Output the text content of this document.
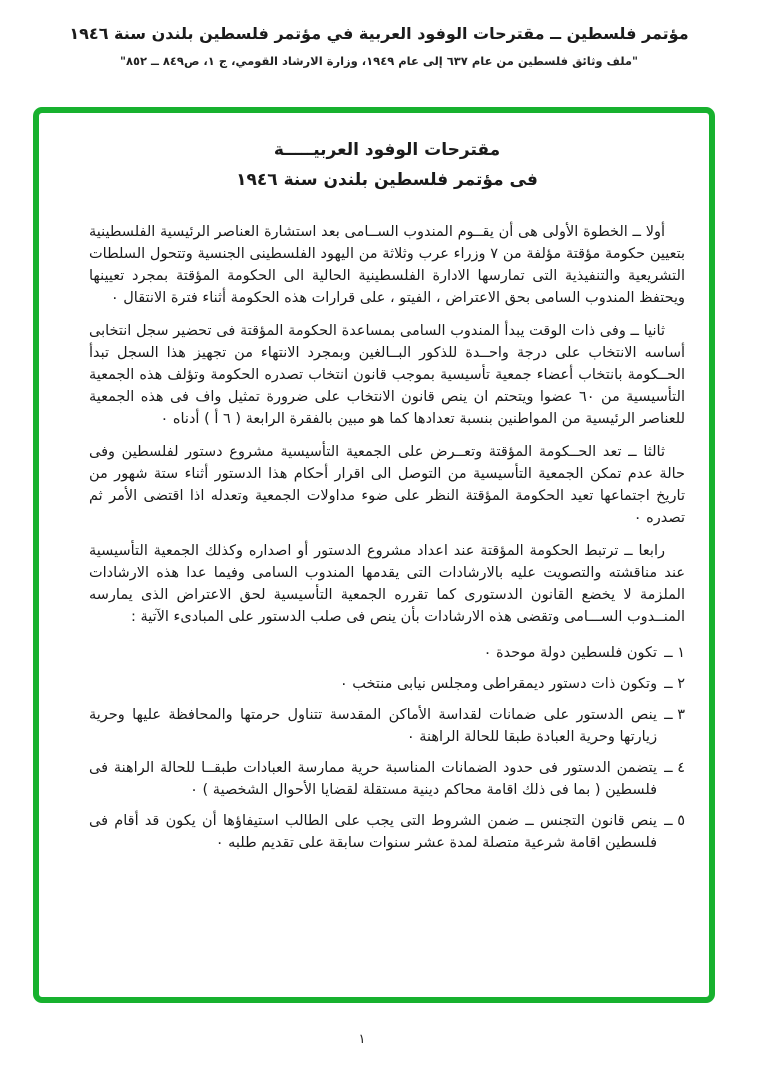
مؤتمر فلسطين ــ مقترحات الوفود العربية في مؤتمر فلسطين بلندن سنة ١٩٤٦
"ملف وثائق فلسطين من عام ٦٣٧ إلى عام ١٩٤٩، وزارة الارشاد القومي، ج ١، ص٨٤٩ ــ ٨٥٢"
مقترحات الوفود العربيـــــة
فى مؤتمر فلسطين بلندن سنة ١٩٤٦

أولا ــ الخطوة الأولى هى أن يقــوم المندوب الســامى بعد استشارة العناصر الرئيسية الفلسطينية بتعيين حكومة مؤقتة مؤلفة من ٧ وزراء عرب وثلاثة من اليهود الفلسطينى الجنسية وتتحول السلطات التشريعية والتنفيذية التى تمارسها الادارة الفلسطينية الحالية الى الحكومة المؤقتة بمجرد تعيينها ويحتفظ المندوب السامى بحق الاعتراض ، الفيتو ، على قرارات هذه الحكومة أثناء فترة الانتقال ٠

ثانيا ــ وفى ذات الوقت يبدأ المندوب السامى بمساعدة الحكومة المؤقتة فى تحضير سجل انتخابى أساسه الانتخاب على درجة واحــدة للذكور البــالغين وبمجرد الانتهاء من تجهيز هذا السجل تبدأ الحــكومة بانتخاب أعضاء جمعية تأسيسية بموجب قانون انتخاب تصدره الحكومة وتؤلف هذه الجمعية التأسيسية من ٦٠ عضوا ويتحتم ان ينص قانون الانتخاب على ضرورة تمثيل واف فى هذه الجمعية للعناصر الرئيسية من المواطنين بنسبة تعدادها كما هو مبين بالفقرة الرابعة ( ٦ أ ) أدناه ٠

ثالثا ــ تعد الحــكومة المؤقتة وتعــرض على الجمعية التأسيسية مشروع دستور لفلسطين وفى حالة عدم تمكن الجمعية التأسيسية من التوصل الى اقرار أحكام هذا الدستور أثناء ستة شهور من تاريخ اجتماعها تعيد الحكومة المؤقتة النظر على ضوء مداولات الجمعية وتعدله اذا اقتضى الأمر ثم تصدره ٠

رابعا ــ ترتبط الحكومة المؤقتة عند اعداد مشروع الدستور أو اصداره وكذلك الجمعية التأسيسية عند مناقشته والتصويت عليه بالارشادات التى يقدمها المندوب السامى وفيما عدا هذه الارشادات الملزمة لا يخضع القانون الدستورى كما تقرره الجمعية التأسيسية لحق الاعتراض الذى يمارسه المنــدوب الســـامى وتقضى هذه الارشادات بأن ينص فى صلب الدستور على المبادىء الآتية :

١ ــ
تكون فلسطين دولة موحدة ٠
٢ ــ
وتكون ذات دستور ديمقراطى ومجلس نيابى منتخب ٠
٣ ــ
ينص الدستور على ضمانات لقداسة الأماكن المقدسة تتناول حرمتها والمحافظة عليها وحرية زيارتها وحرية العبادة طبقا للحالة الراهنة ٠
٤ ــ
يتضمن الدستور فى حدود الضمانات المناسبة حرية ممارسة العبادات طبقــا للحالة الراهنة فى فلسطين ( بما فى ذلك اقامة محاكم دينية مستقلة لقضايا الأحوال الشخصية ) ٠
٥ ــ
ينص قانون التجنس ــ ضمن الشروط التى يجب على الطالب استيفاؤها أن يكون قد أقام فى فلسطين اقامة شرعية متصلة لمدة عشر سنوات سابقة على تقديم طلبه ٠
١
